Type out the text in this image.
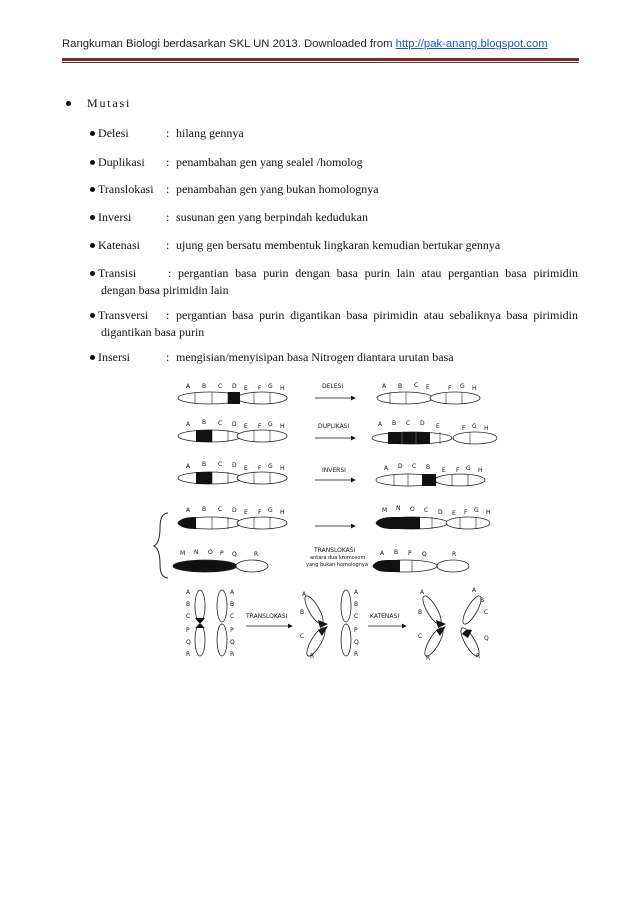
Rangkuman Biologi berdasarkan SKL UN 2013. Downloaded from http://pak-anang.blogspot.com
Mutasi
Delesi	: hilang gennya
Duplikasi : penambahan gen yang sealel /homolog
Translokasi : penambahan gen yang bukan homolognya
Inversi	: susunan gen yang berpindah kedudukan
Katenasi : ujung gen bersatu membentuk lingkaran kemudian bertukar gennya
Transisi	: pergantian basa purin dengan basa purin lain atau pergantian basa pirimidin
dengan basa pirimidin lain
Transversi : pergantian basa purin digantikan basa pirimidin atau sebaliknya basa pirimidin
digantikan basa purin
Insersi	: mengisian/menyisipan basa Nitrogen diantara urutan basa
A B C D E F G H	DELESI	A B C E	F G H
A B C D E F G H	DUPLIKASI	A B C D E	F G H
A B C D E F G H	INVERSI	A D C B E F G H
A B C D E F G H	M N O C D E F G H
M N O P Q	R
TRANSLOKASI
antara dua kromosom
yang bukan homolognya
A B P Q	R
A
B
C
P
Q
R
A
B
C
P
Q
R
TRANSLOKASI
A
B
C
R
A
B
C
P
Q
R
KATENASI
A
B
C
R
A
B
C
Q
R
